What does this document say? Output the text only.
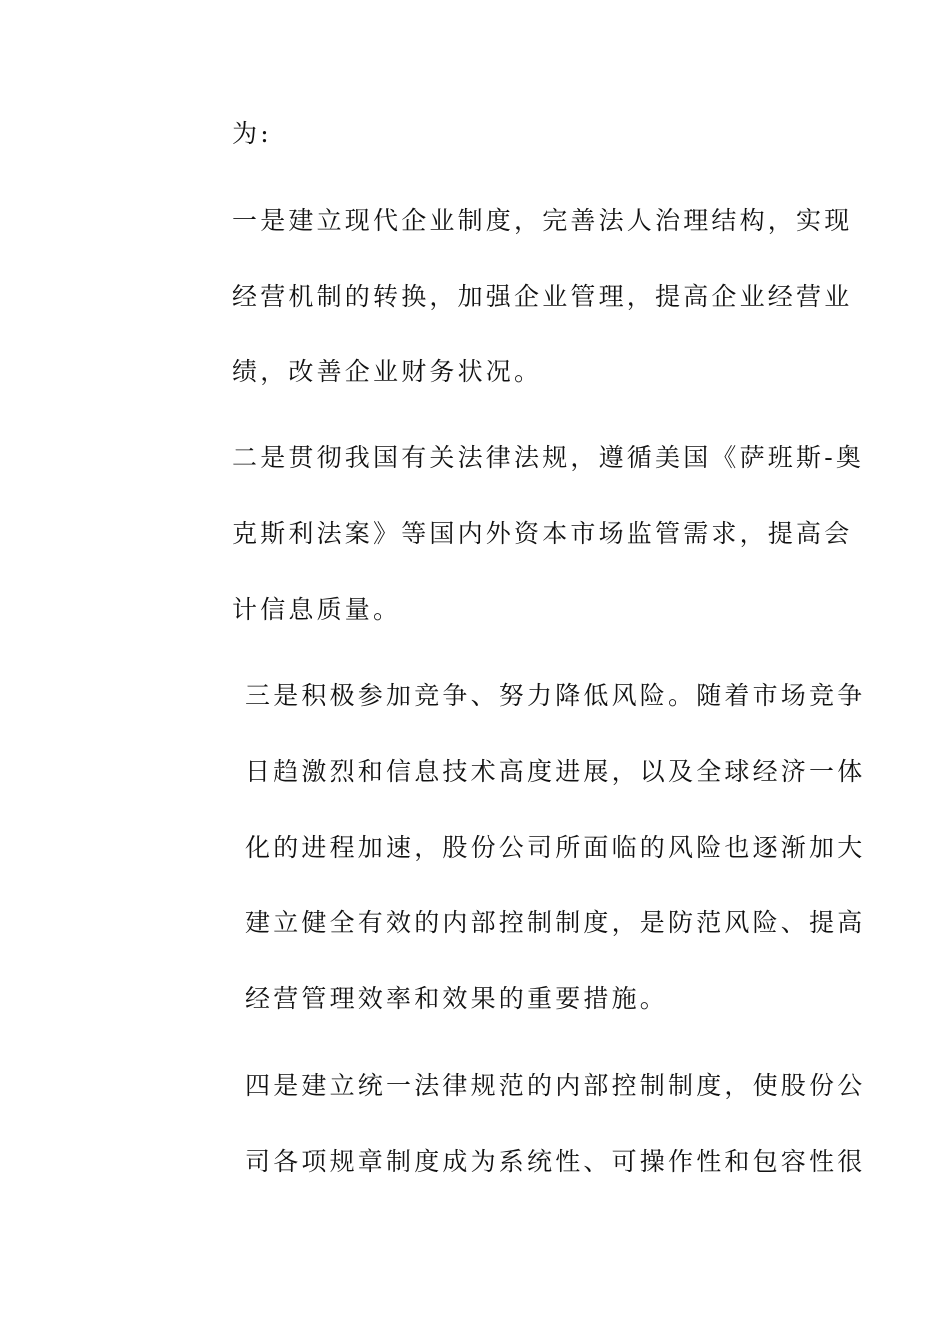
为:
一是建立现代企业制度，完善法人治理结构，实现
经营机制的转换，加强企业管理，提高企业经营业
绩，改善企业财务状况。
二是贯彻我国有关法律法规，遵循美国《萨班斯-奥
克斯利法案》等国内外资本市场监管需求，提高会
计信息质量。
三是积极参加竞争、努力降低风险。随着市场竞争
日趋激烈和信息技术高度进展，以及全球经济一体
化的进程加速，股份公司所面临的风险也逐渐加大
建立健全有效的内部控制制度，是防范风险、提高
经营管理效率和效果的重要措施。
四是建立统一法律规范的内部控制制度，使股份公
司各项规章制度成为系统性、可操作性和包容性很
